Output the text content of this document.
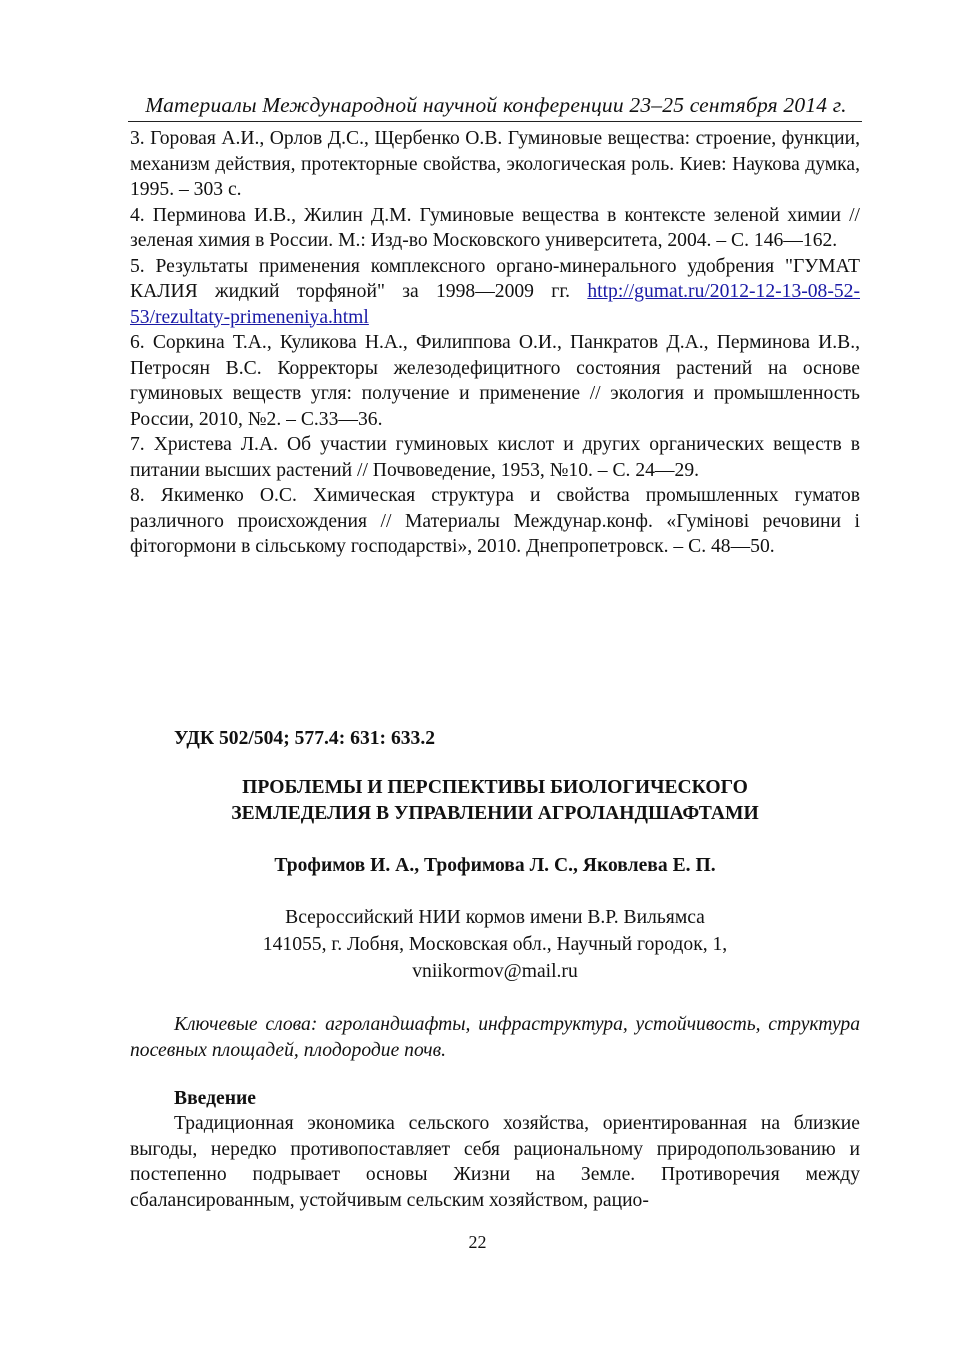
Материалы Международной научной конференции 23–25 сентября 2014 г.

3. Горовая А.И., Орлов Д.С., Щербенко О.В. Гуминовые вещества: строение, функции, механизм действия, протекторные свойства, экологическая роль. Киев: Наукова думка, 1995. – 303 с.

4. Перминова И.В., Жилин Д.М. Гуминовые вещества в контексте зеленой химии // зеленая химия в России. М.: Изд-во Московского университета, 2004. – С. 146—162.

5. Результаты применения комплексного органо-минерального удобрения "ГУМАТ КАЛИЯ жидкий торфяной" за 1998—2009 гг. http://gumat.ru/2012-12-13-08-52-53/rezultaty-primeneniya.html

6. Соркина Т.А., Куликова Н.А., Филиппова О.И., Панкратов Д.А., Перминова И.В., Петросян В.С. Корректоры железодефицитного состояния растений на основе гуминовых веществ угля: получение и применение // экология и промышленность России, 2010, №2. – С.33—36.

7. Христева Л.А. Об участии гуминовых кислот и других органических веществ в питании высших растений // Почвоведение, 1953, №10. – С. 24—29.

8. Якименко О.С. Химическая структура и свойства промышленных гуматов различного происхождения // Материалы Междунар.конф. «Гумінові речовини і фітогормони в сільському господарстві», 2010. Днепропетровск. – С. 48—50.

УДК 502/504; 577.4: 631: 633.2
ПРОБЛЕМЫ И ПЕРСПЕКТИВЫ БИОЛОГИЧЕСКОГО
ЗЕМЛЕДЕЛИЯ В УПРАВЛЕНИИ АГРОЛАНДШАФТАМИ
Трофимов И. А., Трофимова Л. С., Яковлева Е. П.
Всероссийский НИИ кормов имени В.Р. Вильямса
141055, г. Лобня, Московская обл., Научный городок, 1,
vniikormov@mail.ru

Ключевые слова: агроландшафты, инфраструктура, устойчивость, структура посевных площадей, плодородие почв.

Введение

Традиционная экономика сельского хозяйства, ориентированная на близкие выгоды, нередко противопоставляет себя рациональному природопользованию и постепенно подрывает основы Жизни на Земле. Противоречия между сбалансированным, устойчивым сельским хозяйством, рацио-

22
